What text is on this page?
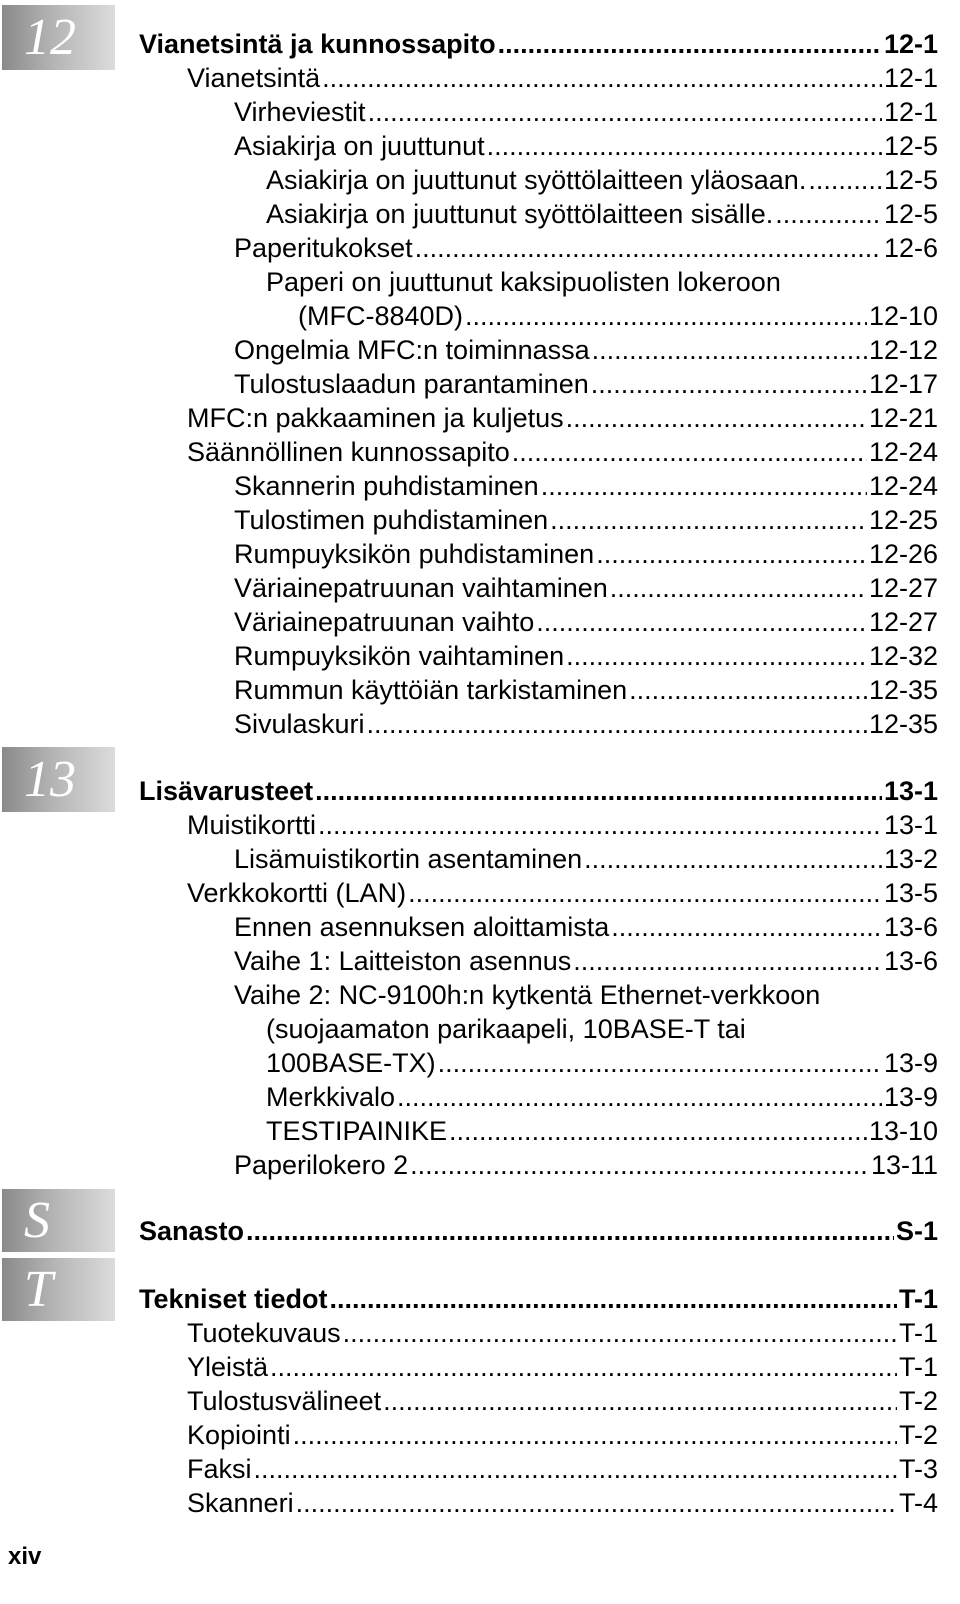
12
13
S
T
Vianetsintä ja kunnossapito .....	12-1
Vianetsintä .....	12-1
Virheviestit .....	12-1
Asiakirja on juuttunut .....	12-5
Asiakirja on juuttunut syöttölaitteen yläosaan. .....	12-5
Asiakirja on juuttunut syöttölaitteen sisälle. .....	12-5
Paperitukokset .....	12-6
Paperi on juuttunut kaksipuolisten lokeroon
(MFC-8840D) .....	12-10
Ongelmia MFC:n toiminnassa .....	12-12
Tulostuslaadun parantaminen .....	12-17
MFC:n pakkaaminen ja kuljetus .....	12-21
Säännöllinen kunnossapito .....	12-24
Skannerin puhdistaminen .....	12-24
Tulostimen puhdistaminen .....	12-25
Rumpuyksikön puhdistaminen .....	12-26
Väriainepatruunan vaihtaminen .....	12-27
Väriainepatruunan vaihto .....	12-27
Rumpuyksikön vaihtaminen .....	12-32
Rummun käyttöiän tarkistaminen .....	12-35
Sivulaskuri .....	12-35
Lisävarusteet .....	13-1
Muistikortti .....	13-1
Lisämuistikortin asentaminen .....	13-2
Verkkokortti (LAN) .....	13-5
Ennen asennuksen aloittamista .....	13-6
Vaihe 1: Laitteiston asennus .....	13-6
Vaihe 2: NC-9100h:n kytkentä Ethernet-verkkoon
(suojaamaton parikaapeli, 10BASE-T tai
100BASE-TX) .....	13-9
Merkkivalo .....	13-9
TESTIPAINIKE .....	13-10
Paperilokero 2 .....	13-11
Sanasto .....	S-1
Tekniset tiedot .....	T-1
Tuotekuvaus .....	T-1
Yleistä .....	T-1
Tulostusvälineet .....	T-2
Kopiointi .....	T-2
Faksi .....	T-3
Skanneri .....	T-4
xiv
